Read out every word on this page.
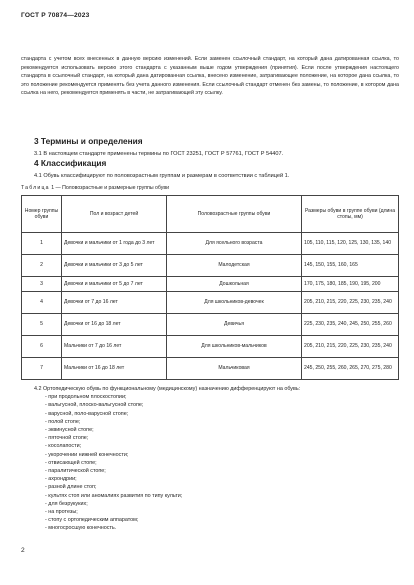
ГОСТ Р 70874—2023
стандарта с учетом всех внесенных в данную версию изменений. Если заменен ссылочный стандарт, на который дана датированная ссылка, то рекомендуется использовать версию этого стандарта с указанным выше годом утверждения (принятия). Если после утверждения настоящего стандарта в ссылочный стандарт, на который дана датированная ссылка, внесено изменение, затрагивающее положение, на которое дана ссылка, то это положение рекомендуется применять без учета данного изменения. Если ссылочный стандарт отменен без замены, то положение, в котором дана ссылка на него, рекомендуется применять в части, не затрагивающей эту ссылку.
3 Термины и определения
3.1 В настоящем стандарте применены термины по ГОСТ 23251, ГОСТ Р 57761, ГОСТ Р 54407.
4 Классификация
4.1 Обувь классифицируют по половозрастным группам и размерам в соответствии с таблицей 1.
Таблица 1 — Половозрастные и размерные группы обуви
Номер группы обуви	Пол и возраст детей	Половозрастные группы обуви	Размеры обуви в группе обуви (длина стопы, мм)
1	Девочки и мальчики от 1 года до 3 лет	Для ясельного возраста	105, 110, 115, 120, 125, 130, 135, 140
2	Девочки и мальчики от 3 до 5 лет	Малодетская	145, 150, 155, 160, 165
3	Девочки и мальчики от 5 до 7 лет	Дошкольная	170, 175, 180, 185, 190, 195, 200
4	Девочки от 7 до 16 лет	Для школьников-девочек	205, 210, 215, 220, 225, 230, 235, 240
5	Девочки от 16 до 18 лет	Девичья	225, 230, 235, 240, 245, 250, 255, 260
6	Мальчики от 7 до 16 лет	Для школьников-мальчиков	205, 210, 215, 220, 225, 230, 235, 240
7	Мальчики от 16 до 18 лет	Мальчиковая	245, 250, 255, 260, 265, 270, 275, 280
4.2 Ортопедическую обувь по функциональному (медицинскому) назначению дифференцируют на обувь:
- при продольном плоскостопии;
- вальгусной, плоско-вальгусной стопе;
- варусной, поло-варусной стопе;
- полой стопе;
- эквинусной стопе;
- пяточной стопе;
- косолапости;
- укорочении нижней конечности;
- отвисающей стопе;
- паралитической стопе;
- ахрондрии;
- разной длине стоп;
- культях стоп или аномалиях развития по типу культи;
- для безрукуких;
- на протезы;
- стопу с ортопедическим аппаратом;
- многосросшую конечность.
2
